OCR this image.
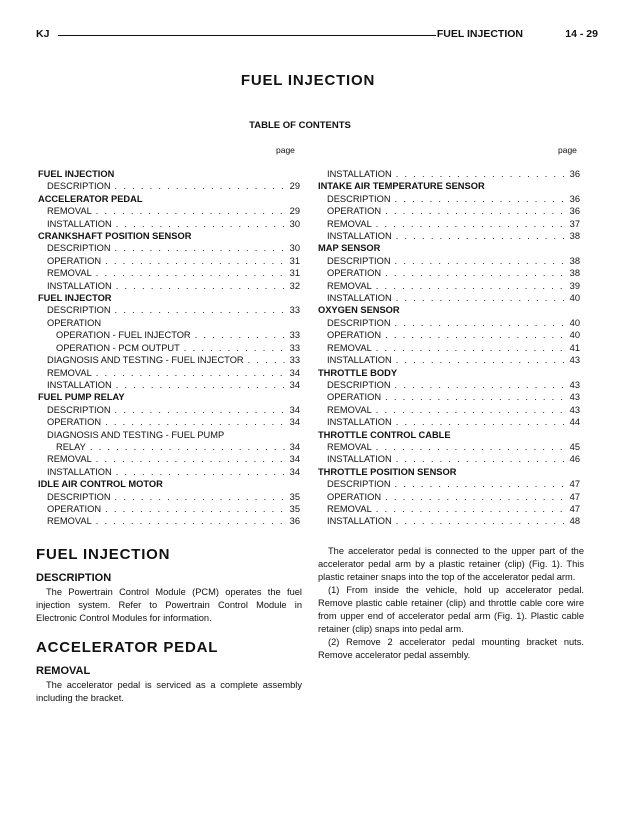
KJ	FUEL INJECTION	14 - 29
FUEL INJECTION
TABLE OF CONTENTS
page	page
FUEL INJECTION
DESCRIPTION . . .	29
ACCELERATOR PEDAL
REMOVAL . . .	29
INSTALLATION . . .	30
CRANKSHAFT POSITION SENSOR
DESCRIPTION . . .	30
OPERATION . . .	31
REMOVAL . . .	31
INSTALLATION . . .	32
FUEL INJECTOR
DESCRIPTION . . .	33
OPERATION
OPERATION - FUEL INJECTOR . . .	33
OPERATION - PCM OUTPUT . . .	33
DIAGNOSIS AND TESTING - FUEL INJECTOR . . .	33
REMOVAL . . .	34
INSTALLATION . . .	34
FUEL PUMP RELAY
DESCRIPTION . . .	34
OPERATION . . .	34
DIAGNOSIS AND TESTING - FUEL PUMP
RELAY . . .	34
REMOVAL . . .	34
INSTALLATION . . .	34
IDLE AIR CONTROL MOTOR
DESCRIPTION . . .	35
OPERATION . . .	35
REMOVAL . . .	36
INSTALLATION . . .	36
INTAKE AIR TEMPERATURE SENSOR
DESCRIPTION . . .	36
OPERATION . . .	36
REMOVAL . . .	37
INSTALLATION . . .	38
MAP SENSOR
DESCRIPTION . . .	38
OPERATION . . .	38
REMOVAL . . .	39
INSTALLATION . . .	40
OXYGEN SENSOR
DESCRIPTION . . .	40
OPERATION . . .	40
REMOVAL . . .	41
INSTALLATION . . .	43
THROTTLE BODY
DESCRIPTION . . .	43
OPERATION . . .	43
REMOVAL . . .	43
INSTALLATION . . .	44
THROTTLE CONTROL CABLE
REMOVAL . . .	45
INSTALLATION . . .	46
THROTTLE POSITION SENSOR
DESCRIPTION . . .	47
OPERATION . . .	47
REMOVAL . . .	47
INSTALLATION . . .	48
FUEL INJECTION
DESCRIPTION

The Powertrain Control Module (PCM) operates the fuel injection system. Refer to Powertrain Control Module in Electronic Control Modules for information.

ACCELERATOR PEDAL
REMOVAL

The accelerator pedal is serviced as a complete assembly including the bracket.

The accelerator pedal is connected to the upper part of the accelerator pedal arm by a plastic retainer (clip) (Fig. 1). This plastic retainer snaps into the top of the accelerator pedal arm.

(1) From inside the vehicle, hold up accelerator pedal. Remove plastic cable retainer (clip) and throttle cable core wire from upper end of accelerator pedal arm (Fig. 1). Plastic cable retainer (clip) snaps into pedal arm.

(2) Remove 2 accelerator pedal mounting bracket nuts. Remove accelerator pedal assembly.
